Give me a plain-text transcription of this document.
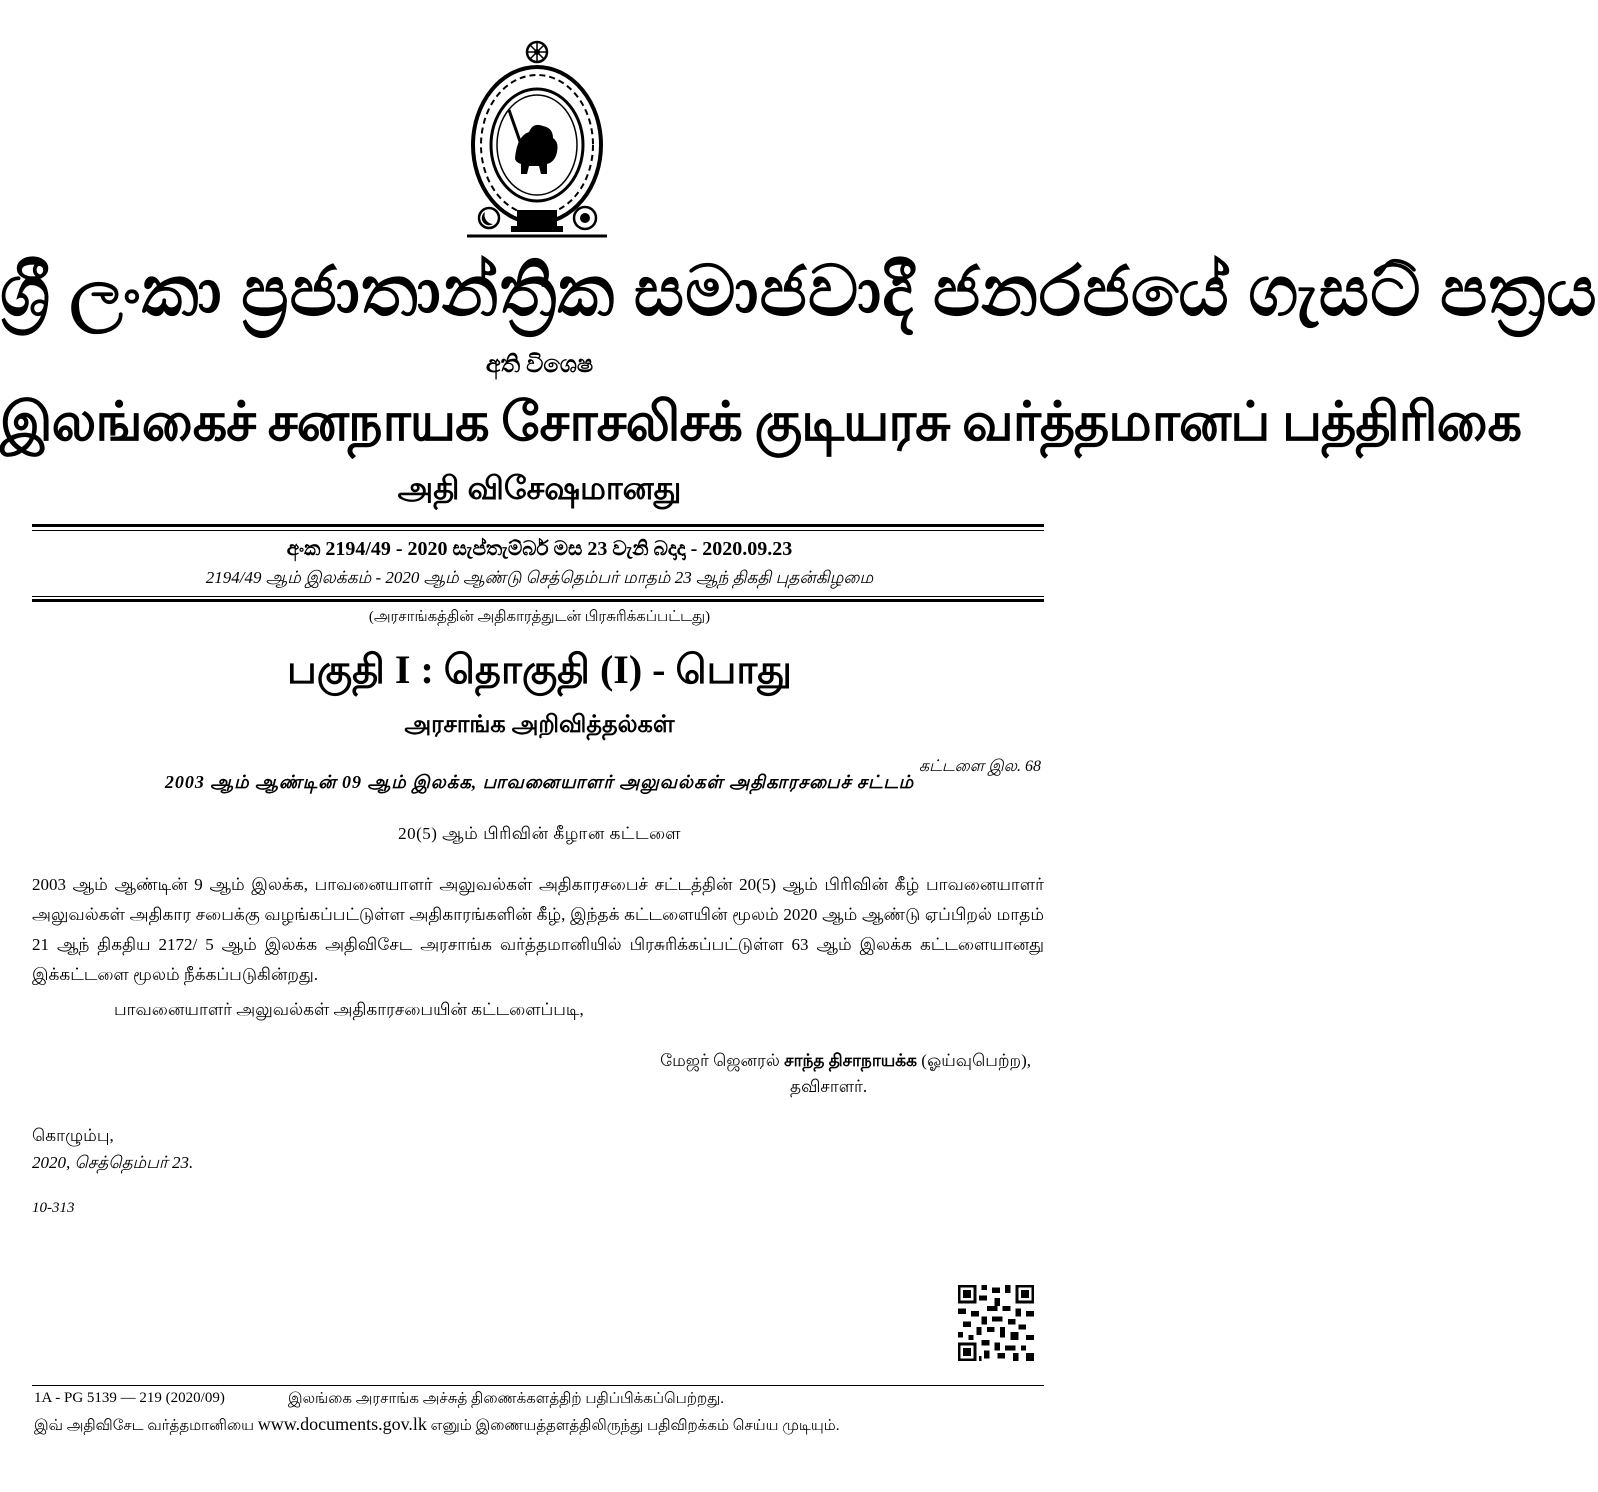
ශ්‍රී ලංකා ප්‍රජාතාන්ත්‍රික සමාජවාදී ජනරජයේ ගැසට් පත්‍රය
අති විශෙෂ
இலங்கைச் சனநாயக சோசலிசக் குடியரசு வர்த்தமானப் பத்திரிகை
அதி விசேஷமானது
අංක 2194/49 - 2020 සැප්තැම්බර් මස 23 වැනි බදාදා - 2020.09.23
2194/49 ஆம் இலக்கம் - 2020 ஆம் ஆண்டு செத்தெம்பர் மாதம் 23 ஆந் திகதி புதன்கிழமை
(அரசாங்கத்தின் அதிகாரத்துடன் பிரசுரிக்கப்பட்டது)
பகுதி I : தொகுதி (I) - பொது
அரசாங்க அறிவித்தல்கள்
கட்டளை இல. 68
2003 ஆம் ஆண்டின் 09 ஆம் இலக்க, பாவனையாளர் அலுவல்கள் அதிகாரசபைச் சட்டம்
20(5) ஆம் பிரிவின் கீழான கட்டளை
2003 ஆம் ஆண்டின் 9 ஆம் இலக்க, பாவனையாளர் அலுவல்கள் அதிகாரசபைச் சட்டத்தின் 20(5) ஆம் பிரிவின் கீழ் பாவனையாளர் அலுவல்கள் அதிகார சபைக்கு வழங்கப்பட்டுள்ள அதிகாரங்களின் கீழ், இந்தக் கட்டளையின் மூலம் 2020 ஆம் ஆண்டு ஏப்பிறல் மாதம் 21 ஆந் திகதிய 2172/ 5 ஆம் இலக்க அதிவிசேட அரசாங்க வர்த்தமானியில் பிரசுரிக்கப்பட்டுள்ள 63 ஆம் இலக்க கட்டளையானது இக்கட்டளை மூலம் நீக்கப்படுகின்றது.
பாவனையாளர் அலுவல்கள் அதிகாரசபையின் கட்டளைப்படி,
மேஜர் ஜெனரல் சாந்த திசாநாயக்க (ஓய்வுபெற்ற),
தவிசாளர்.
கொழும்பு,
2020, செத்தெம்பர் 23.
10-313
1A - PG 5139 — 219 (2020/09)	இலங்கை அரசாங்க அச்சுத் திணைக்களத்திற் பதிப்பிக்கப்பெற்றது.
இவ் அதிவிசேட வர்த்தமானியை www.documents.gov.lk எனும் இணையத்தளத்திலிருந்து பதிவிறக்கம் செய்ய முடியும்.
